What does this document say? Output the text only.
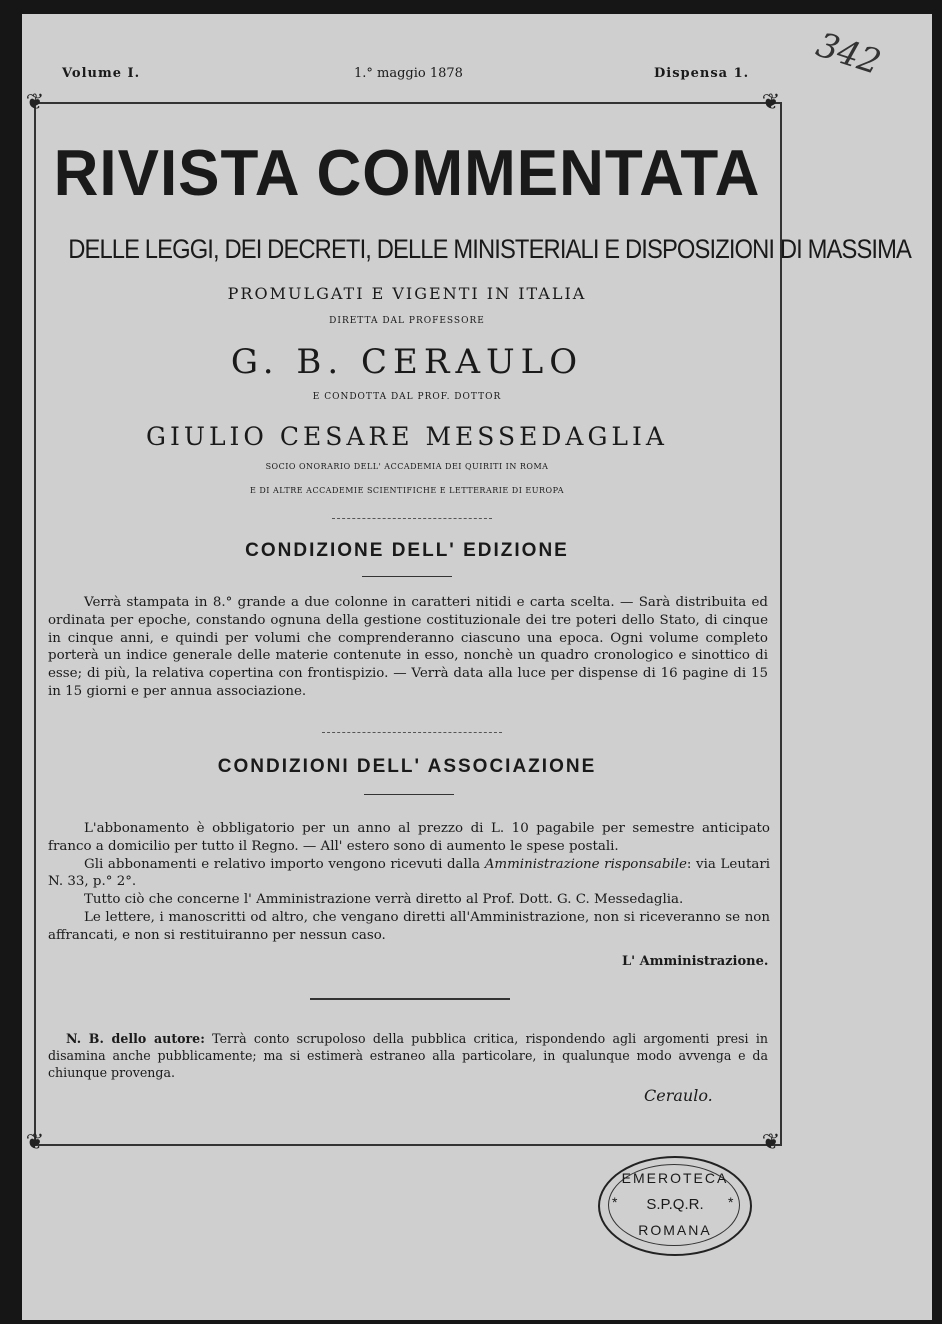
Volume I.	1.° maggio 1878	Dispensa 1. 342
❦	❦
❦	❦
RIVISTA COMMENTATA
DELLE LEGGI, DEI DECRETI, DELLE MINISTERIALI E DISPOSIZIONI DI MASSIMA
PROMULGATI E VIGENTI IN ITALIA
DIRETTA DAL PROFESSORE
G. B. CERAULO
E CONDOTTA DAL PROF. DOTTOR
GIULIO CESARE MESSEDAGLIA
SOCIO ONORARIO DELL' ACCADEMIA DEI QUIRITI IN ROMA
E DI ALTRE ACCADEMIE SCIENTIFICHE E LETTERARIE DI EUROPA
CONDIZIONE DELL' EDIZIONE

Verrà stampata in 8.° grande a due colonne in caratteri nitidi e carta scelta. — Sarà distribuita ed ordinata per epoche, constando ognuna della gestione costituzionale dei tre poteri dello Stato, di cinque in cinque anni, e quindi per volumi che comprenderanno ciascuno una epoca. Ogni volume completo porterà un indice generale delle materie contenute in esso, nonchè un quadro cronologico e sinottico di esse; di più, la relativa copertina con frontispizio. — Verrà data alla luce per dispense di 16 pagine di 15 in 15 giorni e per annua associazione.

CONDIZIONI DELL' ASSOCIAZIONE

L'abbonamento è obbligatorio per un anno al prezzo di L. 10 pagabile per semestre anticipato franco a domicilio per tutto il Regno. — All' estero sono di aumento le spese postali.

Gli abbonamenti e relativo importo vengono ricevuti dalla Amministrazione risponsabile: via Leutari N. 33, p.° 2°.

Tutto ciò che concerne l' Amministrazione verrà diretto al Prof. Dott. G. C. Messedaglia.

Le lettere, i manoscritti od altro, che vengano diretti all'Amministrazione, non si riceveranno se non affrancati, e non si restituiranno per nessun caso.

L' Amministrazione.

N. B. dello autore: Terrà conto scrupoloso della pubblica critica, rispondendo agli argomenti presi in disamina anche pubblicamente; ma si estimerà estraneo alla particolare, in qualunque modo avvenga e da chiunque provenga.

Ceraulo.
EMEROTECA
S.P.Q.R.
ROMANA
*	*
